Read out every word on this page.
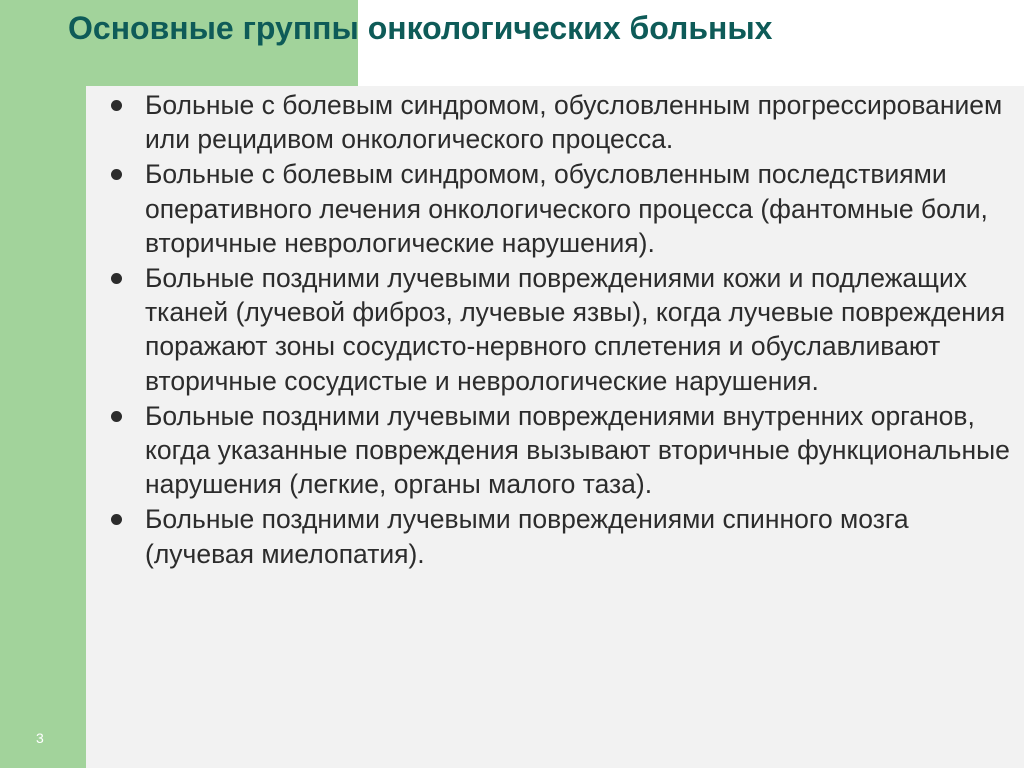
Основные группы онкологических больных
Больные с болевым синдромом, обусловленным прогрессированием или рецидивом онкологического процесса.
Больные с болевым синдромом, обусловленным последствиями оперативного лечения онкологического процесса (фантомные боли, вторичные неврологические нарушения).
Больные поздними лучевыми повреждениями кожи и подлежащих тканей (лучевой фиброз, лучевые язвы), когда лучевые повреждения поражают зоны сосудисто-нервного сплетения и обуславливают вторичные сосудистые и неврологические нарушения.
Больные поздними лучевыми повреждениями внутренних органов, когда указанные повреждения вызывают вторичные функциональные нарушения (легкие, органы малого таза).
Больные поздними лучевыми повреждениями спинного мозга (лучевая миелопатия).
3
